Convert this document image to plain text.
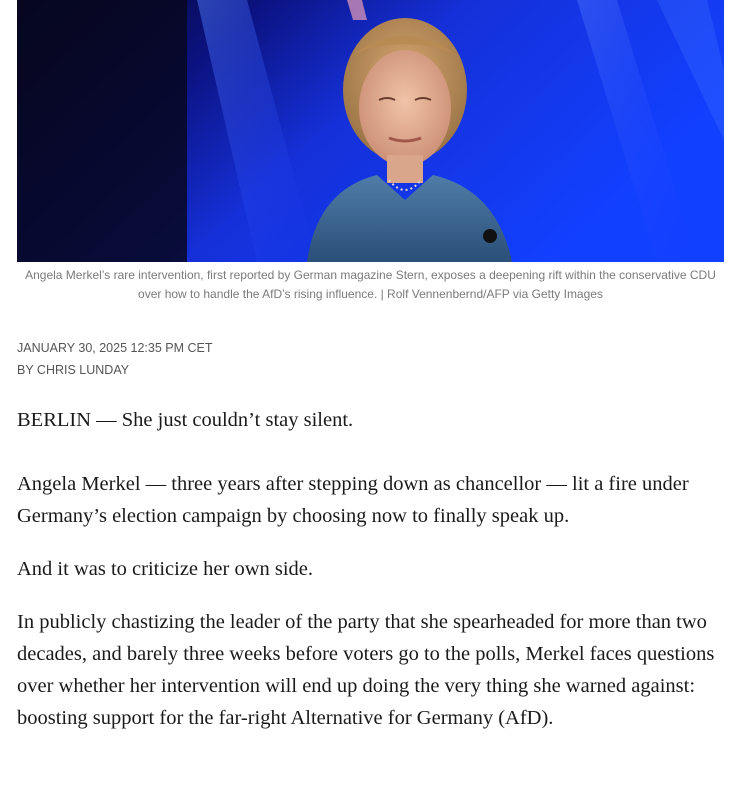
Angela Merkel’s rare intervention, first reported by German magazine Stern, exposes a deepening rift within the conservative CDU over how to handle the AfD’s rising influence. | Rolf Vennenbernd/AFP via Getty Images
JANUARY 30, 2025 12:35 PM CET
BY CHRIS LUNDAY

BERLIN — She just couldn’t stay silent.

Angela Merkel — three years after stepping down as chancellor — lit a fire under Germany’s election campaign by choosing now to finally speak up.

And it was to criticize her own side.

In publicly chastizing the leader of the party that she spearheaded for more than two decades, and barely three weeks before voters go to the polls, Merkel faces questions over whether her intervention will end up doing the very thing she warned against: boosting support for the far-right Alternative for Germany (AfD).
